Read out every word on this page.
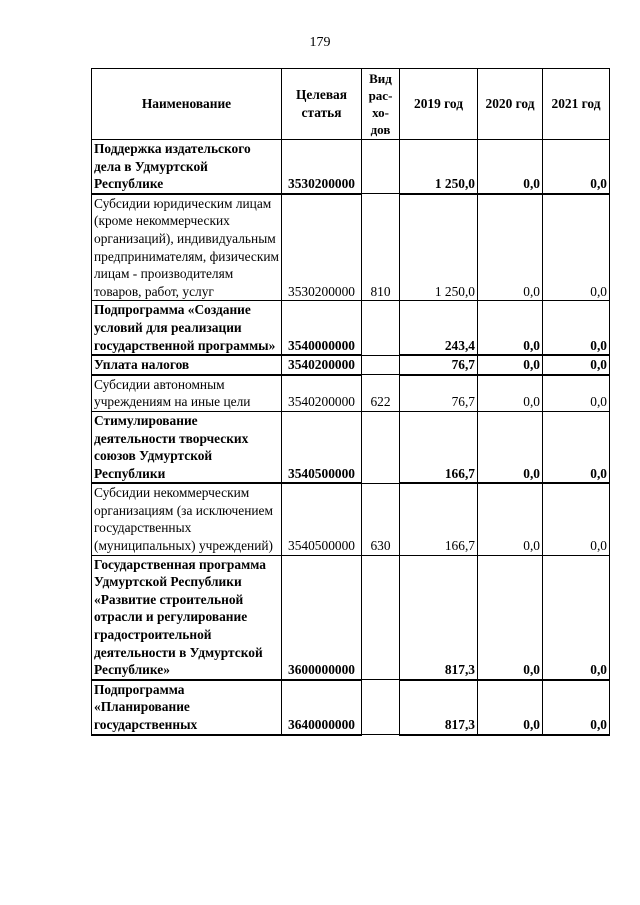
179
Наименование	Целевая статья	Вид рас-хо-дов	2019 год	2020 год	2021 год
Поддержка издательского дела в Удмуртской Республике	3530200000		1 250,0	0,0	0,0
Субсидии юридическим лицам (кроме некоммерческих организаций), индивидуальным предпринимателям, физическим лицам - производителям товаров, работ, услуг	3530200000	810	1 250,0	0,0	0,0
Подпрограмма «Создание условий для реализации государственной программы»	3540000000		243,4	0,0	0,0
Уплата налогов	3540200000		76,7	0,0	0,0
Субсидии автономным учреждениям на иные цели	3540200000	622	76,7	0,0	0,0
Стимулирование деятельности творческих союзов Удмуртской Республики	3540500000		166,7	0,0	0,0
Субсидии некоммерческим организациям (за исключением государственных (муниципальных) учреждений)	3540500000	630	166,7	0,0	0,0
Государственная программа Удмуртской Республики «Развитие строительной отрасли и регулирование градостроительной деятельности в Удмуртской Республике»	3600000000		817,3	0,0	0,0
Подпрограмма «Планирование государственных	3640000000		817,3	0,0	0,0
